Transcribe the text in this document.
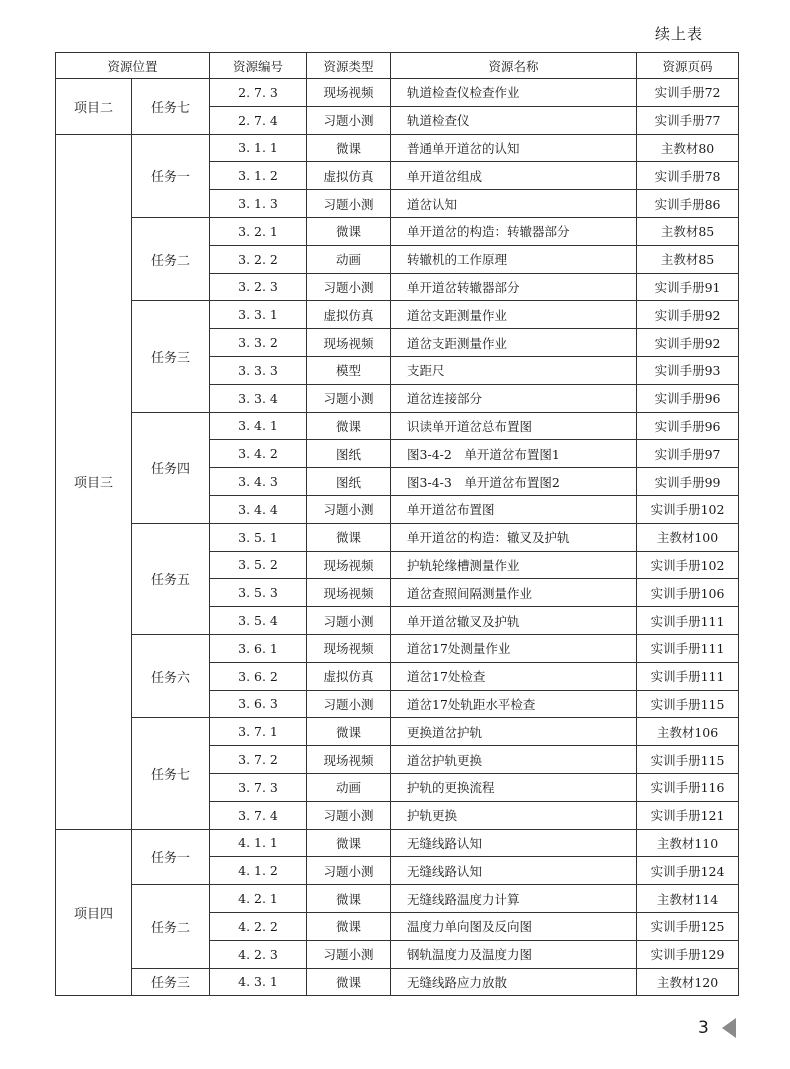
续上表
资源位置		资源编号	资源类型	资源名称	资源页码
项目二	任务七	2. 7. 3	现场视频	轨道检查仪检查作业	实训手册72
		2. 7. 4	习题小测	轨道检查仪	实训手册77
项目三	任务一	3. 1. 1	微课	普通单开道岔的认知	主教材80
		3. 1. 2	虚拟仿真	单开道岔组成	实训手册78
		3. 1. 3	习题小测	道岔认知	实训手册86
	任务二	3. 2. 1	微课	单开道岔的构造：转辙器部分	主教材85
		3. 2. 2	动画	转辙机的工作原理	主教材85
		3. 2. 3	习题小测	单开道岔转辙器部分	实训手册91
	任务三	3. 3. 1	虚拟仿真	道岔支距测量作业	实训手册92
		3. 3. 2	现场视频	道岔支距测量作业	实训手册92
		3. 3. 3	模型	支距尺	实训手册93
		3. 3. 4	习题小测	道岔连接部分	实训手册96
	任务四	3. 4. 1	微课	识读单开道岔总布置图	实训手册96
		3. 4. 2	图纸	图3-4-2　单开道岔布置图1	实训手册97
		3. 4. 3	图纸	图3-4-3　单开道岔布置图2	实训手册99
		3. 4. 4	习题小测	单开道岔布置图	实训手册102
	任务五	3. 5. 1	微课	单开道岔的构造：辙叉及护轨	主教材100
		3. 5. 2	现场视频	护轨轮缘槽测量作业	实训手册102
		3. 5. 3	现场视频	道岔查照间隔测量作业	实训手册106
		3. 5. 4	习题小测	单开道岔辙叉及护轨	实训手册111
	任务六	3. 6. 1	现场视频	道岔17处测量作业	实训手册111
		3. 6. 2	虚拟仿真	道岔17处检查	实训手册111
		3. 6. 3	习题小测	道岔17处轨距水平检查	实训手册115
	任务七	3. 7. 1	微课	更换道岔护轨	主教材106
		3. 7. 2	现场视频	道岔护轨更换	实训手册115
		3. 7. 3	动画	护轨的更换流程	实训手册116
		3. 7. 4	习题小测	护轨更换	实训手册121
项目四	任务一	4. 1. 1	微课	无缝线路认知	主教材110
		4. 1. 2	习题小测	无缝线路认知	实训手册124
	任务二	4. 2. 1	微课	无缝线路温度力计算	主教材114
		4. 2. 2	微课	温度力单向图及反向图	实训手册125
		4. 2. 3	习题小测	钢轨温度力及温度力图	实训手册129
	任务三	4. 3. 1	微课	无缝线路应力放散	主教材120
3
